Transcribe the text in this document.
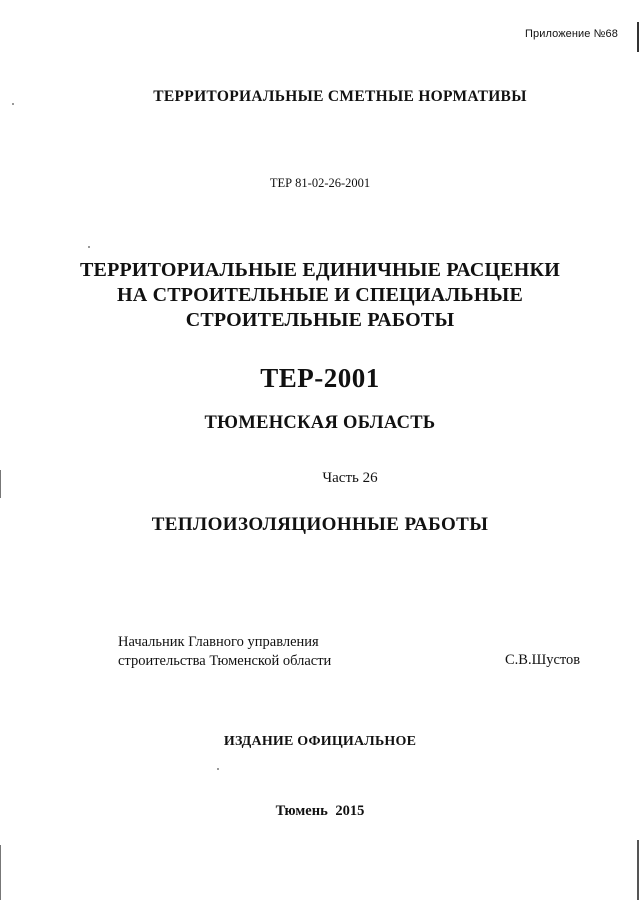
Приложение №68
ТЕРРИТОРИАЛЬНЫЕ СМЕТНЫЕ НОРМАТИВЫ
ТЕР 81-02-26-2001
ТЕРРИТОРИАЛЬНЫЕ ЕДИНИЧНЫЕ РАСЦЕНКИ
НА СТРОИТЕЛЬНЫЕ И СПЕЦИАЛЬНЫЕ
СТРОИТЕЛЬНЫЕ РАБОТЫ
ТЕР-2001
ТЮМЕНСКАЯ ОБЛАСТЬ
Часть 26
ТЕПЛОИЗОЛЯЦИОННЫЕ РАБОТЫ
Начальник Главного управления
строительства Тюменской области	С.В.Шустов
ИЗДАНИЕ ОФИЦИАЛЬНОЕ
Тюмень 2015
